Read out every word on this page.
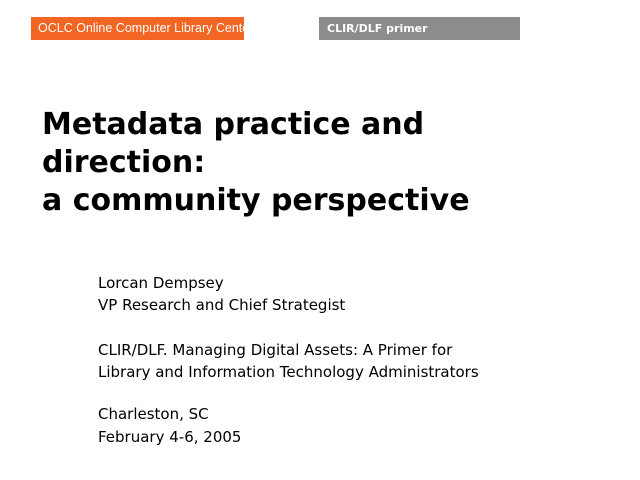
OCLC Online Computer Library Center	CLIR/DLF primer
Metadata practice and
direction:
a community perspective
Lorcan Dempsey
VP Research and Chief Strategist
CLIR/DLF. Managing Digital Assets: A Primer for
Library and Information Technology Administrators
Charleston, SC
February 4-6, 2005
